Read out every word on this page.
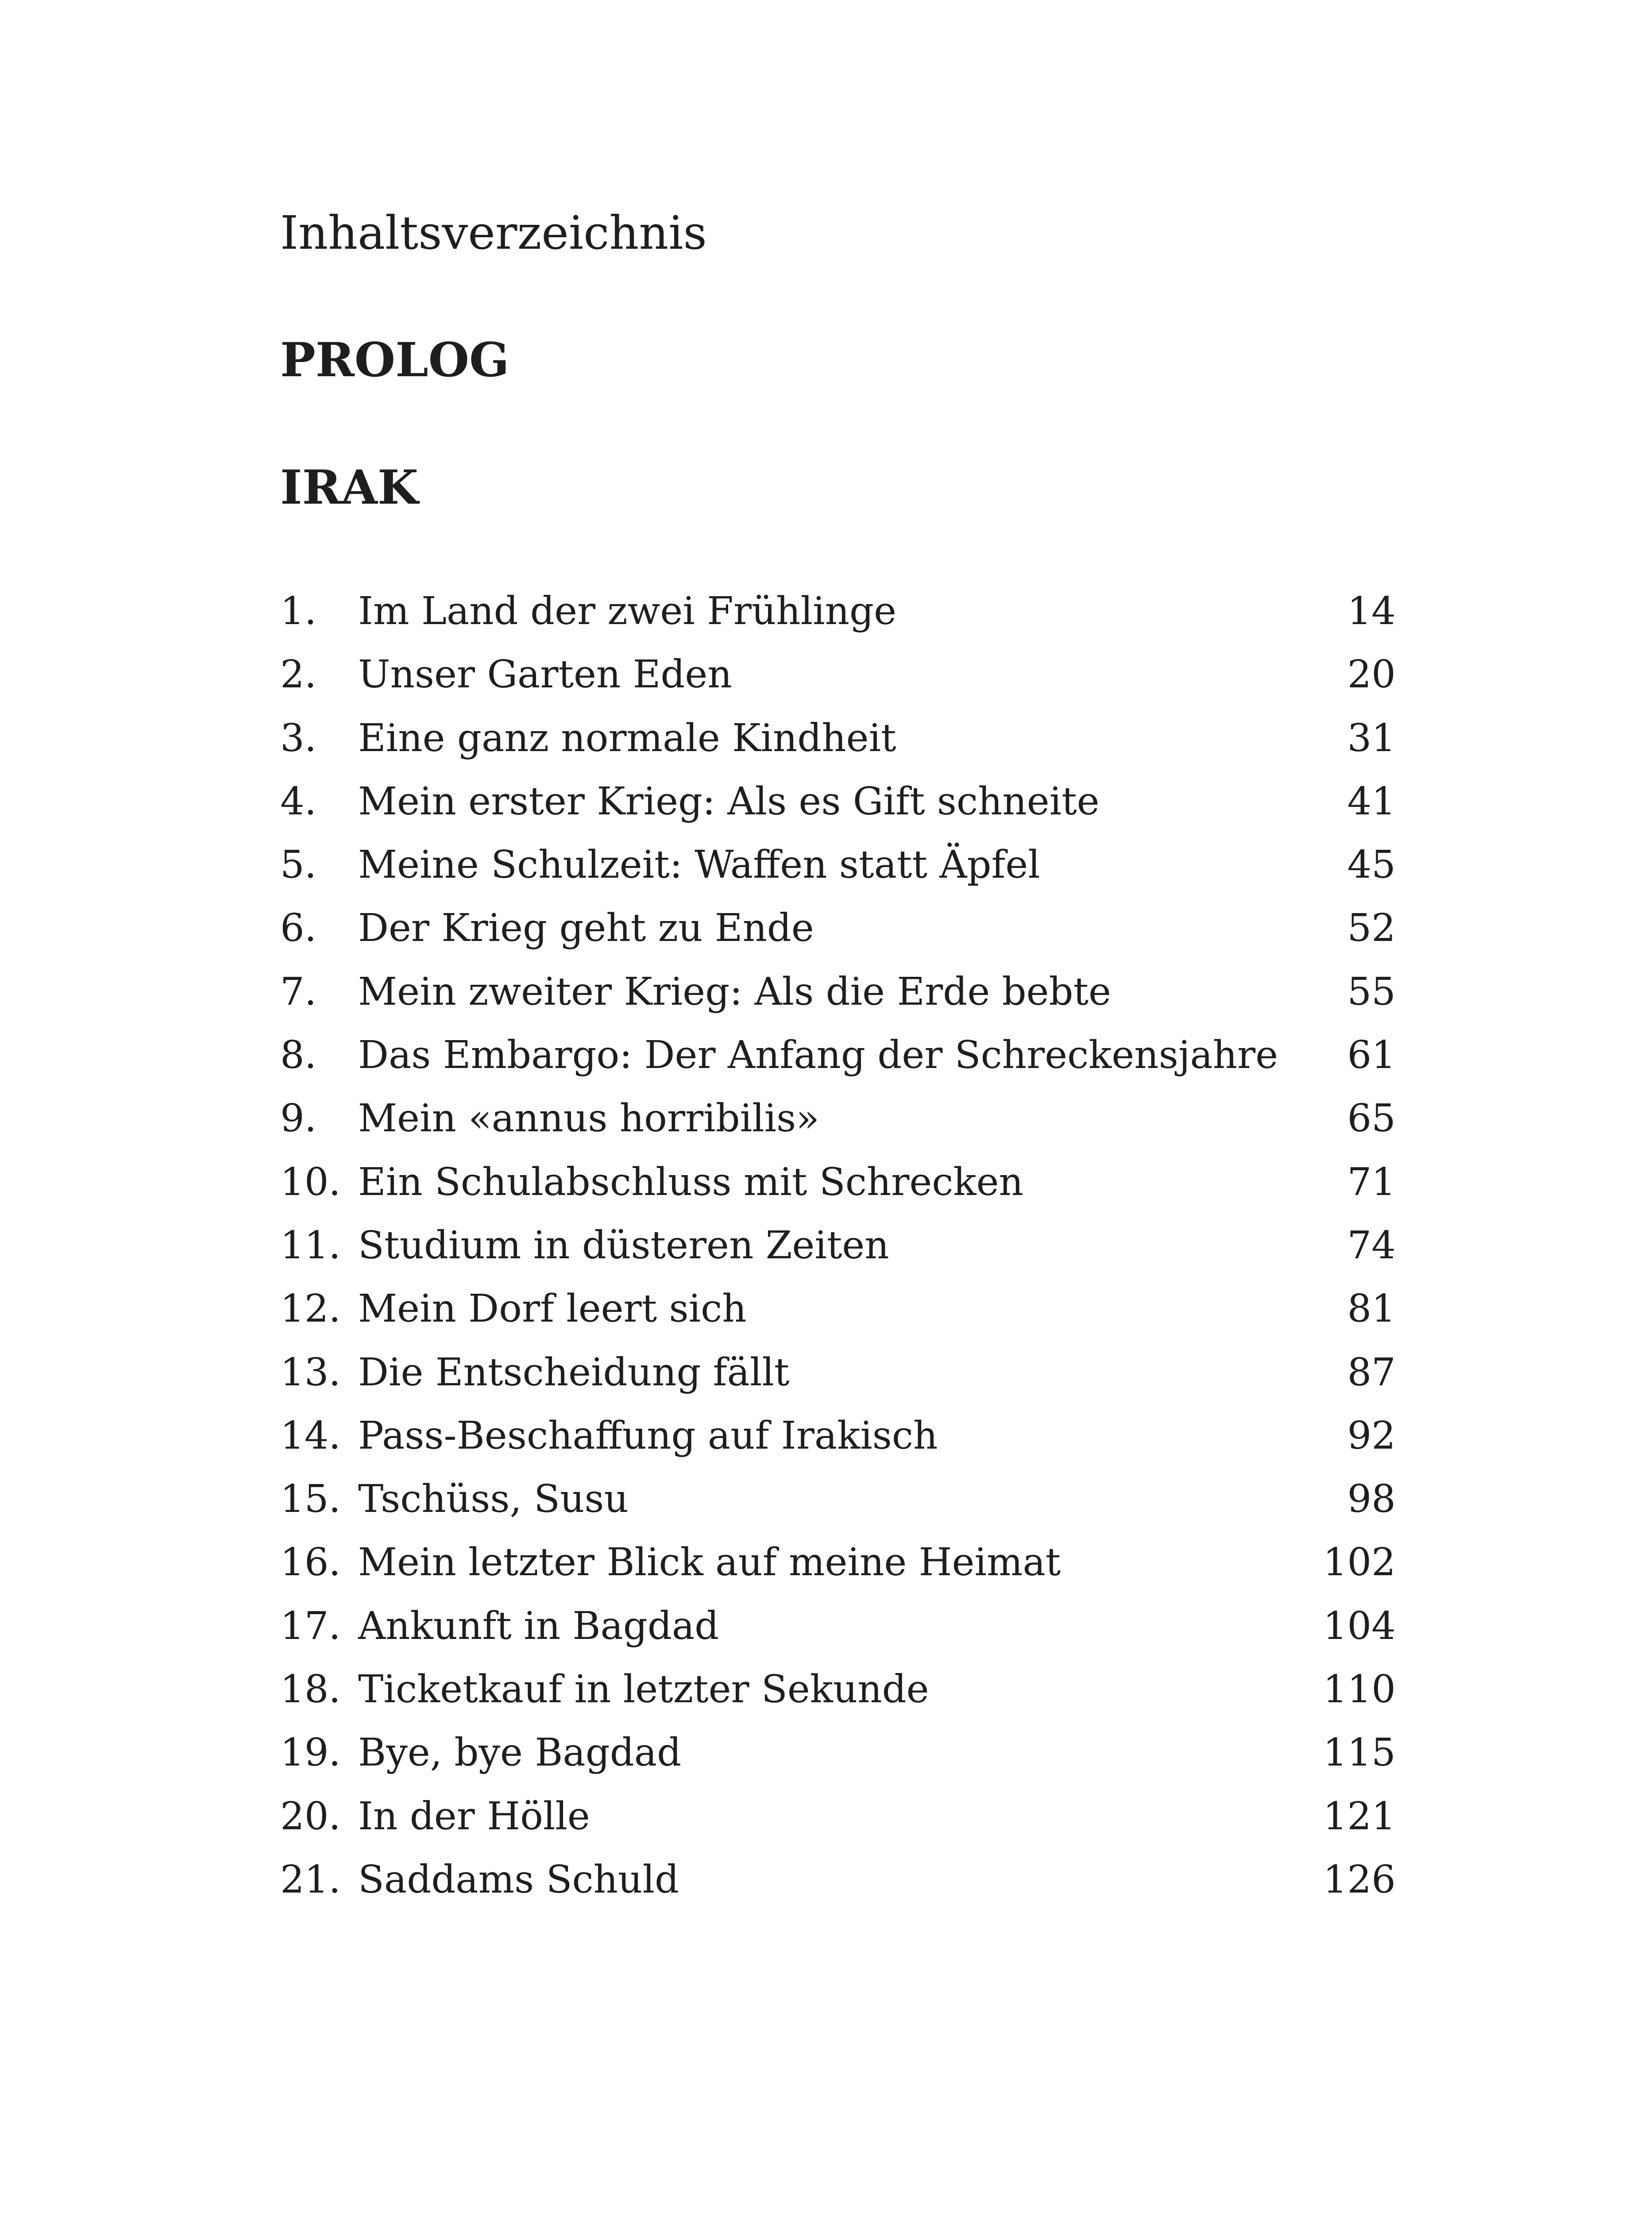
Inhaltsverzeichnis
PROLOG
IRAK
1. Im Land der zwei Frühlinge	14
2. Unser Garten Eden	20
3. Eine ganz normale Kindheit	31
4. Mein erster Krieg: Als es Gift schneite	41
5. Meine Schulzeit: Waffen statt Äpfel	45
6. Der Krieg geht zu Ende	52
7. Mein zweiter Krieg: Als die Erde bebte	55
8. Das Embargo: Der Anfang der Schreckensjahre 61
9. Mein «annus horribilis»	65
10. Ein Schulabschluss mit Schrecken	71
11. Studium in düsteren Zeiten	74
12. Mein Dorf leert sich	81
13. Die Entscheidung fällt	87
14. Pass-Beschaffung auf Irakisch	92
15. Tschüss, Susu	98
16. Mein letzter Blick auf meine Heimat	102
17. Ankunft in Bagdad	104
18. Ticketkauf in letzter Sekunde	110
19. Bye, bye Bagdad	115
20. In der Hölle	121
21. Saddams Schuld	126
